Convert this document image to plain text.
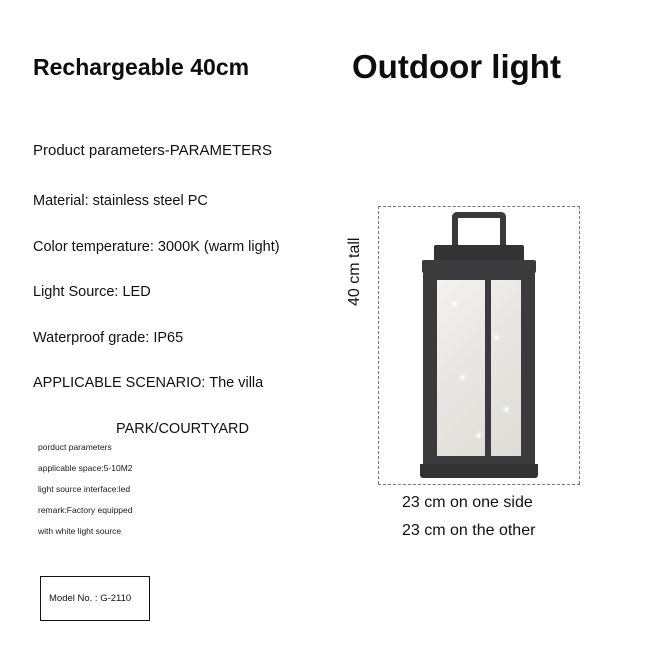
Rechargeable 40cm	Outdoor light
Product parameters-PARAMETERS
Material: stainless steel PC
Color temperature: 3000K (warm light)
Light Source: LED
Waterproof grade: IP65
APPLICABLE SCENARIO: The villa
PARK/COURTYARD
porduct parameters
applicable space:5-10M2
light source interface:led
remark:Factory equipped
with white light source
Model No. : G-2110
40 cm tall
23 cm on one side
23 cm on the other
